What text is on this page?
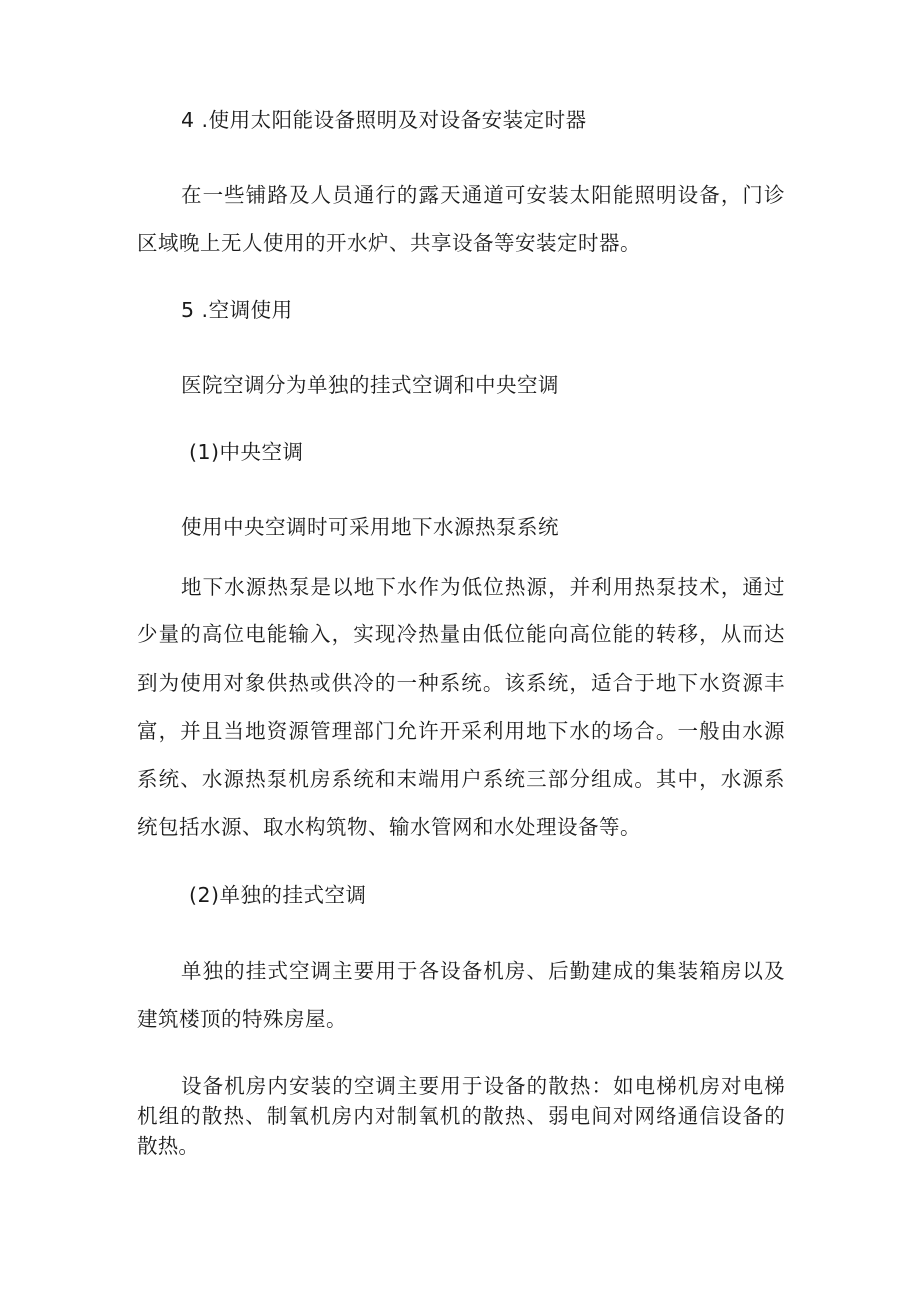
4 .使用太阳能设备照明及对设备安装定时器
在一些铺路及人员通行的露天通道可安装太阳能照明设备，门诊
区域晚上无人使用的开水炉、共享设备等安装定时器。
5 .空调使用
医院空调分为单独的挂式空调和中央空调
(1)中央空调
使用中央空调时可采用地下水源热泵系统
地下水源热泵是以地下水作为低位热源，并利用热泵技术，通过
少量的高位电能输入，实现冷热量由低位能向高位能的转移，从而达
到为使用对象供热或供冷的一种系统。该系统，适合于地下水资源丰
富，并且当地资源管理部门允许开采利用地下水的场合。一般由水源
系统、水源热泵机房系统和末端用户系统三部分组成。其中，水源系
统包括水源、取水构筑物、输水管网和水处理设备等。
(2)单独的挂式空调
单独的挂式空调主要用于各设备机房、后勤建成的集装箱房以及
建筑楼顶的特殊房屋。
设备机房内安装的空调主要用于设备的散热：如电梯机房对电梯
机组的散热、制氧机房内对制氧机的散热、弱电间对网络通信设备的
散热。
